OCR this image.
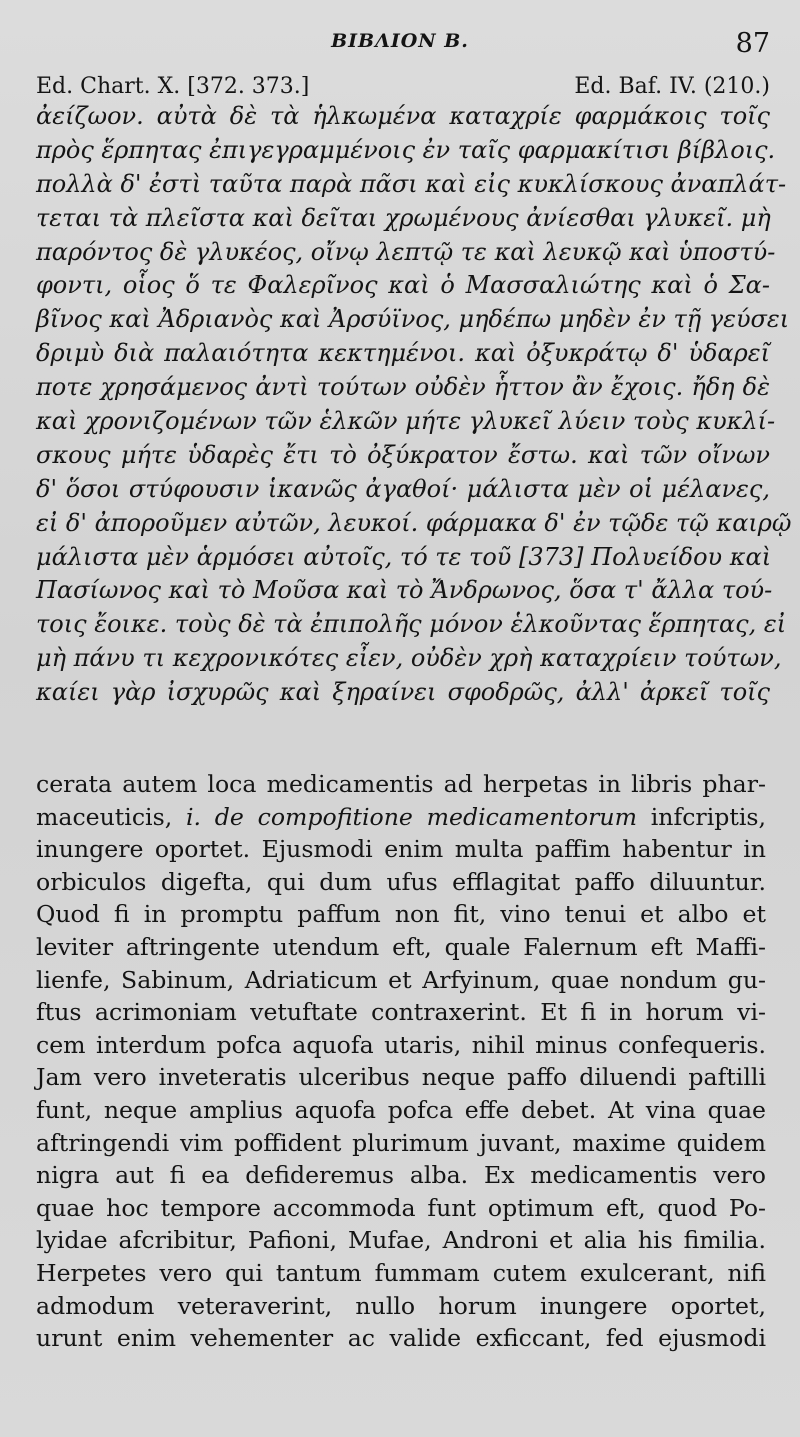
BIBΛION B.	87
Ed. Chart. X. [372. 373.]	Ed. Baf. IV. (210.)
ἀείζωον. αὐτὰ δὲ τὰ ἡλκωμένα καταχρίε φαρμάκοις τοῖς
πρὸς ἕρπητας ἐπιγεγραμμένοις ἐν ταῖς φαρμακίτισι βίβλοις.
πολλὰ δ' ἐστὶ ταῦτα παρὰ πᾶσι καὶ εἰς κυκλίσκους ἀναπλάτ-
τεται τὰ πλεῖστα καὶ δεῖται χρωμένους ἀνίεσθαι γλυκεῖ. μὴ
παρόντος δὲ γλυκέος, οἴνῳ λεπτῷ τε καὶ λευκῷ καὶ ὑποστύ-
φοντι, οἷος ὅ τε Φαλερῖνος καὶ ὁ Μασσαλιώτης καὶ ὁ Σα-
βῖνος καὶ Ἀδριανὸς καὶ Ἀρσύϊνος, μηδέπω μηδὲν ἐν τῇ γεύσει
δριμὺ διὰ παλαιότητα κεκτημένοι. καὶ ὀξυκράτῳ δ' ὑδαρεῖ
ποτε χρησάμενος ἀντὶ τούτων οὐδὲν ἧττον ἂν ἔχοις. ἤδη δὲ
καὶ χρονιζομένων τῶν ἑλκῶν μήτε γλυκεῖ λύειν τοὺς κυκλί-
σκους μήτε ὑδαρὲς ἔτι τὸ ὀξύκρατον ἔστω. καὶ τῶν οἴνων
δ' ὅσοι στύφουσιν ἱκανῶς ἀγαθοί· μάλιστα μὲν οἱ μέλανες,
εἰ δ' ἀποροῦμεν αὐτῶν, λευκοί. φάρμακα δ' ἐν τῷδε τῷ καιρῷ
μάλιστα μὲν ἁρμόσει αὐτοῖς, τό τε τοῦ [373] Πολυείδου καὶ
Πασίωνος καὶ τὸ Μοῦσα καὶ τὸ Ἄνδρωνος, ὅσα τ' ἄλλα τού-
τοις ἔοικε. τοὺς δὲ τὰ ἐπιπολῆς μόνον ἑλκοῦντας ἕρπητας, εἰ
μὴ πάνυ τι κεχρονικότες εἶεν, οὐδὲν χρὴ καταχρίειν τούτων,
καίει γὰρ ἰσχυρῶς καὶ ξηραίνει σφοδρῶς, ἀλλ' ἀρκεῖ τοῖς
cerata autem loca medicamentis ad herpetas in libris phar-
maceuticis, i. de compofitione medicamentorum infcriptis,
inungere oportet. Ejusmodi enim multa paffim habentur in
orbiculos digefta, qui dum ufus efflagitat paffo diluuntur.
Quod fi in promptu paffum non fit, vino tenui et albo et
leviter aftringente utendum eft, quale Falernum eft Maffi-
lienfe, Sabinum, Adriaticum et Arfyinum, quae nondum gu-
ftus acrimoniam vetuftate contraxerint. Et fi in horum vi-
cem interdum pofca aquofa utaris, nihil minus confequeris.
Jam vero inveteratis ulceribus neque paffo diluendi paftilli
funt, neque amplius aquofa pofca effe debet. At vina quae
aftringendi vim poffident plurimum juvant, maxime quidem
nigra aut fi ea defideremus alba. Ex medicamentis vero
quae hoc tempore accommoda funt optimum eft, quod Po-
lyidae afcribitur, Pafioni, Mufae, Androni et alia his fimilia.
Herpetes vero qui tantum fummam cutem exulcerant, nifi
admodum veteraverint, nullo horum inungere oportet,
urunt enim vehementer ac valide exficcant, fed ejusmodi
